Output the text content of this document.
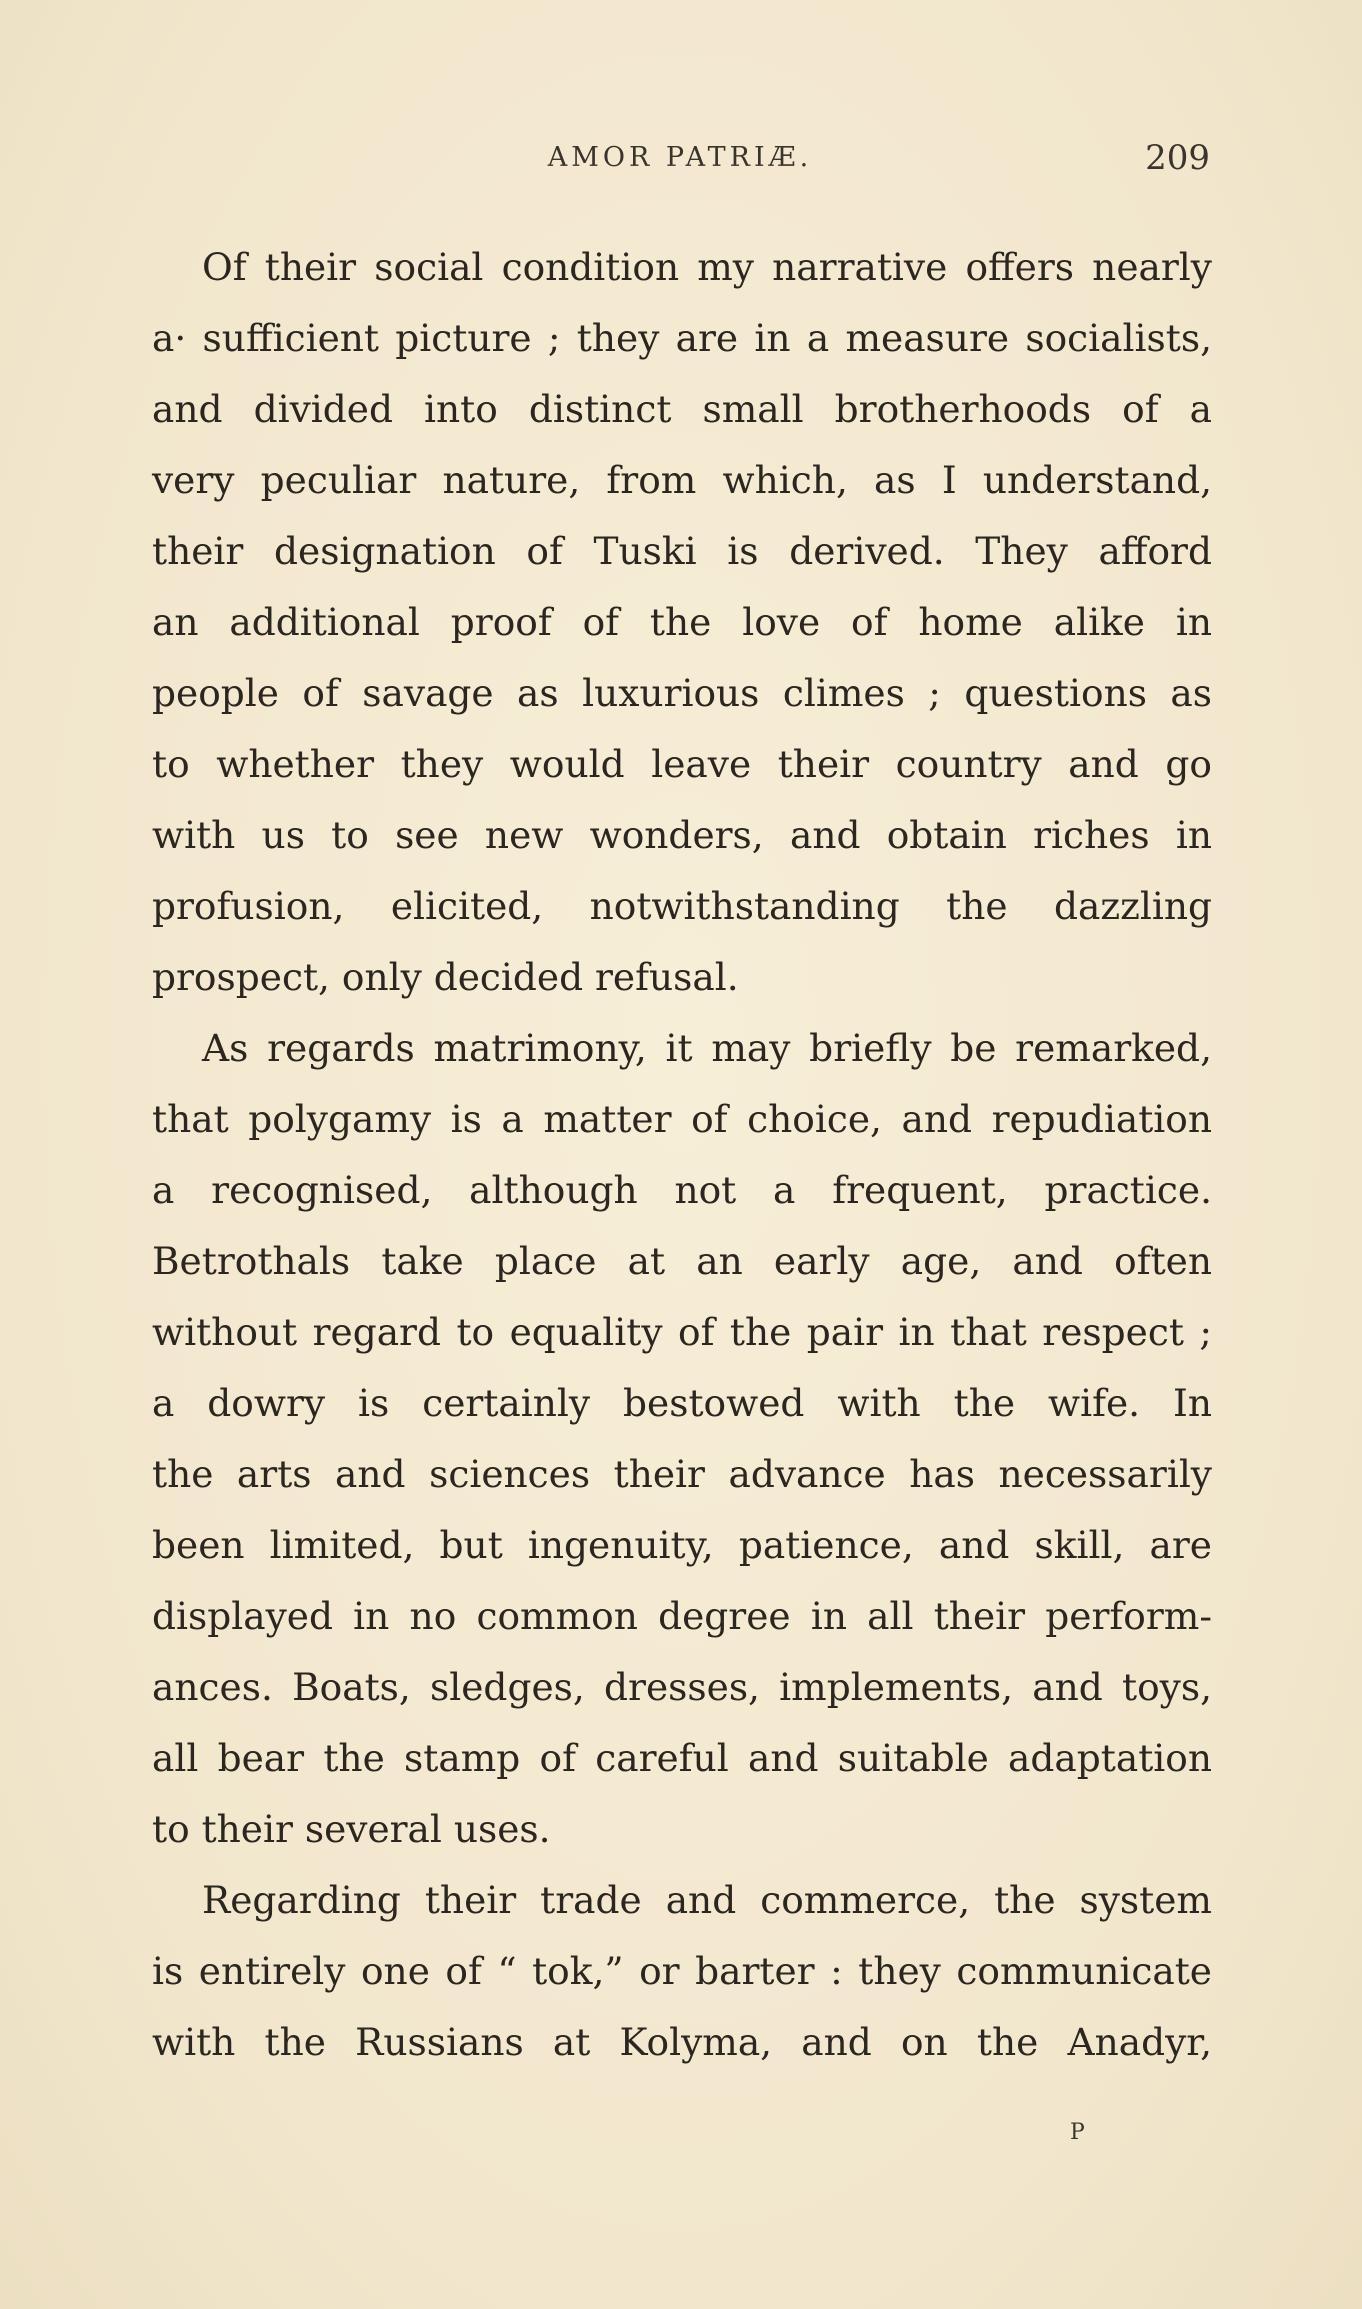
AMOR PATRIÆ.	209
Of their social condition my narrative offers nearly
a· sufficient picture ; they are in a measure socialists,
and divided into distinct small brotherhoods of a
very peculiar nature, from which, as I understand,
their designation of Tuski is derived. They afford
an additional proof of the love of home alike in
people of savage as luxurious climes ; questions as
to whether they would leave their country and go
with us to see new wonders, and obtain riches in
profusion, elicited, notwithstanding the dazzling
prospect, only decided refusal.
As regards matrimony, it may briefly be remarked,
that polygamy is a matter of choice, and repudiation
a recognised, although not a frequent, practice.
Betrothals take place at an early age, and often
without regard to equality of the pair in that respect ;
a dowry is certainly bestowed with the wife. In
the arts and sciences their advance has necessarily
been limited, but ingenuity, patience, and skill, are
displayed in no common degree in all their perform-
ances. Boats, sledges, dresses, implements, and toys,
all bear the stamp of careful and suitable adaptation
to their several uses.
Regarding their trade and commerce, the system
is entirely one of “ tok,” or barter : they communicate
with the Russians at Kolyma, and on the Anadyr,
P
